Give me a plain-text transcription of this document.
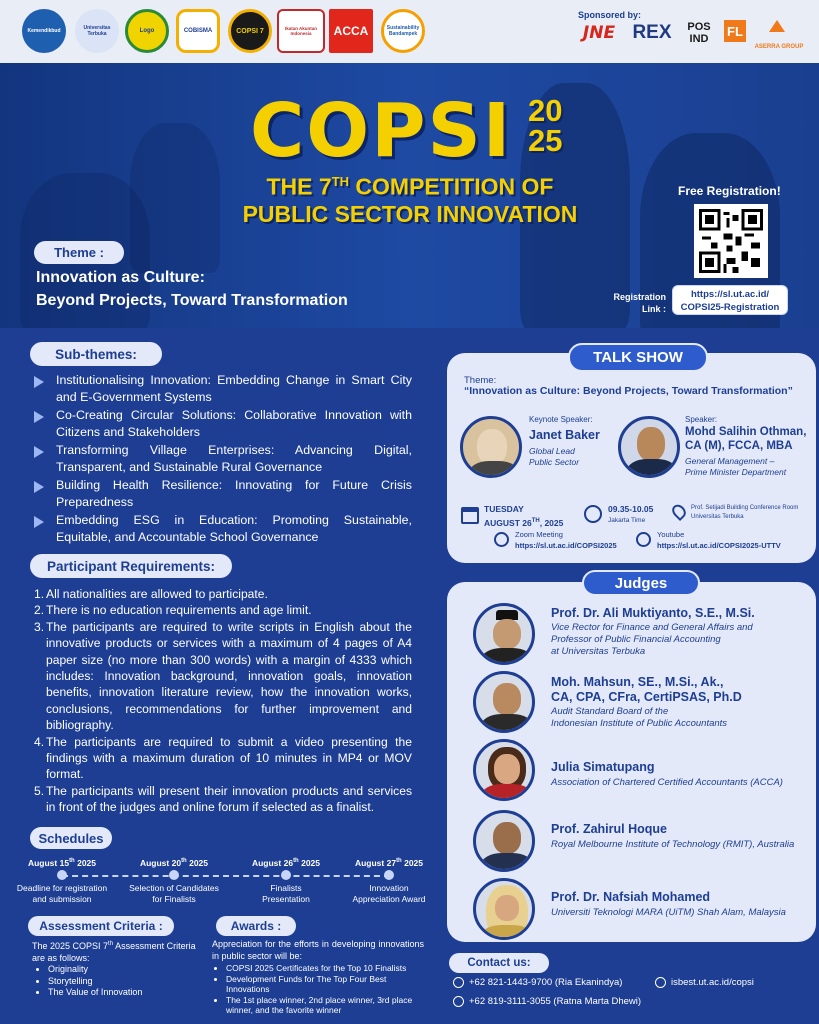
Kemendikbud	Universitas Terbuka	Logo	COBISMA	COPSI 7	Ikatan Akuntan Indonesia	ACCA	Sustainability Bandampek
Sponsored by:
JNE REX	POS IND
FL
ASERRA GROUP
COPSI 20
25
THE 7TH COMPETITION OF
PUBLIC SECTOR INNOVATION
Theme :
Innovation as Culture:
Beyond Projects, Toward Transformation
Free Registration!
Registration
Link :
https://sl.ut.ac.id/
COPSI25-Registration
Sub-themes:
Institutionalising Innovation: Embedding Change in Smart City and E-Government Systems
Co-Creating Circular Solutions: Collaborative Innovation with Citizens and Stakeholders
Transforming Village Enterprises: Advancing Digital, Transparent, and Sustainable Rural Governance
Building Health Resilience: Innovating for Future Crisis Preparedness
Embedding ESG in Education: Promoting Sustainable, Equitable, and Accountable School Governance
Participant Requirements:
1. All nationalities are allowed to participate.
2. There is no education requirements and age limit.
3. The participants are required to write scripts in English about the innovative products or services with a maximum of 4 pages of A4 paper size (no more than 300 words) with a margin of 4333 which includes: Innovation background, innovation goals, innovation benefits, innovation literature review, how the innovation works, conclusions, recommendations for further improvement and bibliography.
4. The participants are required to submit a video presenting the findings with a maximum duration of 10 minutes in MP4 or MOV format.
5. The participants will present their innovation products and services in front of the judges and online forum if selected as a finalist.
Theme:
“Innovation as Culture: Beyond Projects, Toward Transformation”
Keynote Speaker:
Janet Baker
Global Lead
Public Sector
Speaker:
Mohd Salihin Othman,
CA (M), FCCA, MBA
General Management –
Prime Minister Department
TUESDAY
AUGUST 26TH, 2025
09.35-10.05
Jakarta Time
Prof. Setijadi Building Conference Room
Universitas Terbuka
Zoom Meeting
https://sl.ut.ac.id/COPSI2025
Youtube
https://sl.ut.ac.id/COPSI2025-UTTV
TALK SHOW
Prof. Dr. Ali Muktiyanto, S.E., M.Si.
Vice Rector for Finance and General Affairs and
Professor of Public Financial Accounting
at Universitas Terbuka
Moh. Mahsun, SE., M.Si., Ak.,
CA, CPA, CFra, CertiPSAS, Ph.D
Audit Standard Board of the
Indonesian Institute of Public Accountants
Julia Simatupang
Association of Chartered Certified Accountants (ACCA)
Prof. Zahirul Hoque
Royal Melbourne Institute of Technology (RMIT), Australia
Prof. Dr. Nafsiah Mohamed
Universiti Teknologi MARA (UiTM) Shah Alam, Malaysia
Judges
Schedules
August 15th 2025
Deadline for registration
and submission
August 20th 2025
Selection of Candidates
for Finalists
August 26th 2025
Finalists
Presentation
August 27th 2025
Innovation
Appreciation Award
Assessment Criteria :
The 2025 COPSI 7th Assessment Criteria
are as follows:
• Originality
• Storytelling
• The Value of Innovation
Awards :
Appreciation for the efforts in developing innovations in public sector will be:
• COPSI 2025 Certificates for the Top 10 Finalists
• Development Funds for The Top Four Best Innovations
• The 1st place winner, 2nd place winner, 3rd place winner, and the favorite winner
Contact us:
+62 821-1443-9700 (Ria Ekanindya)
+62 819-3111-3055 (Ratna Marta Dhewi)
isbest.ut.ac.id/copsi
